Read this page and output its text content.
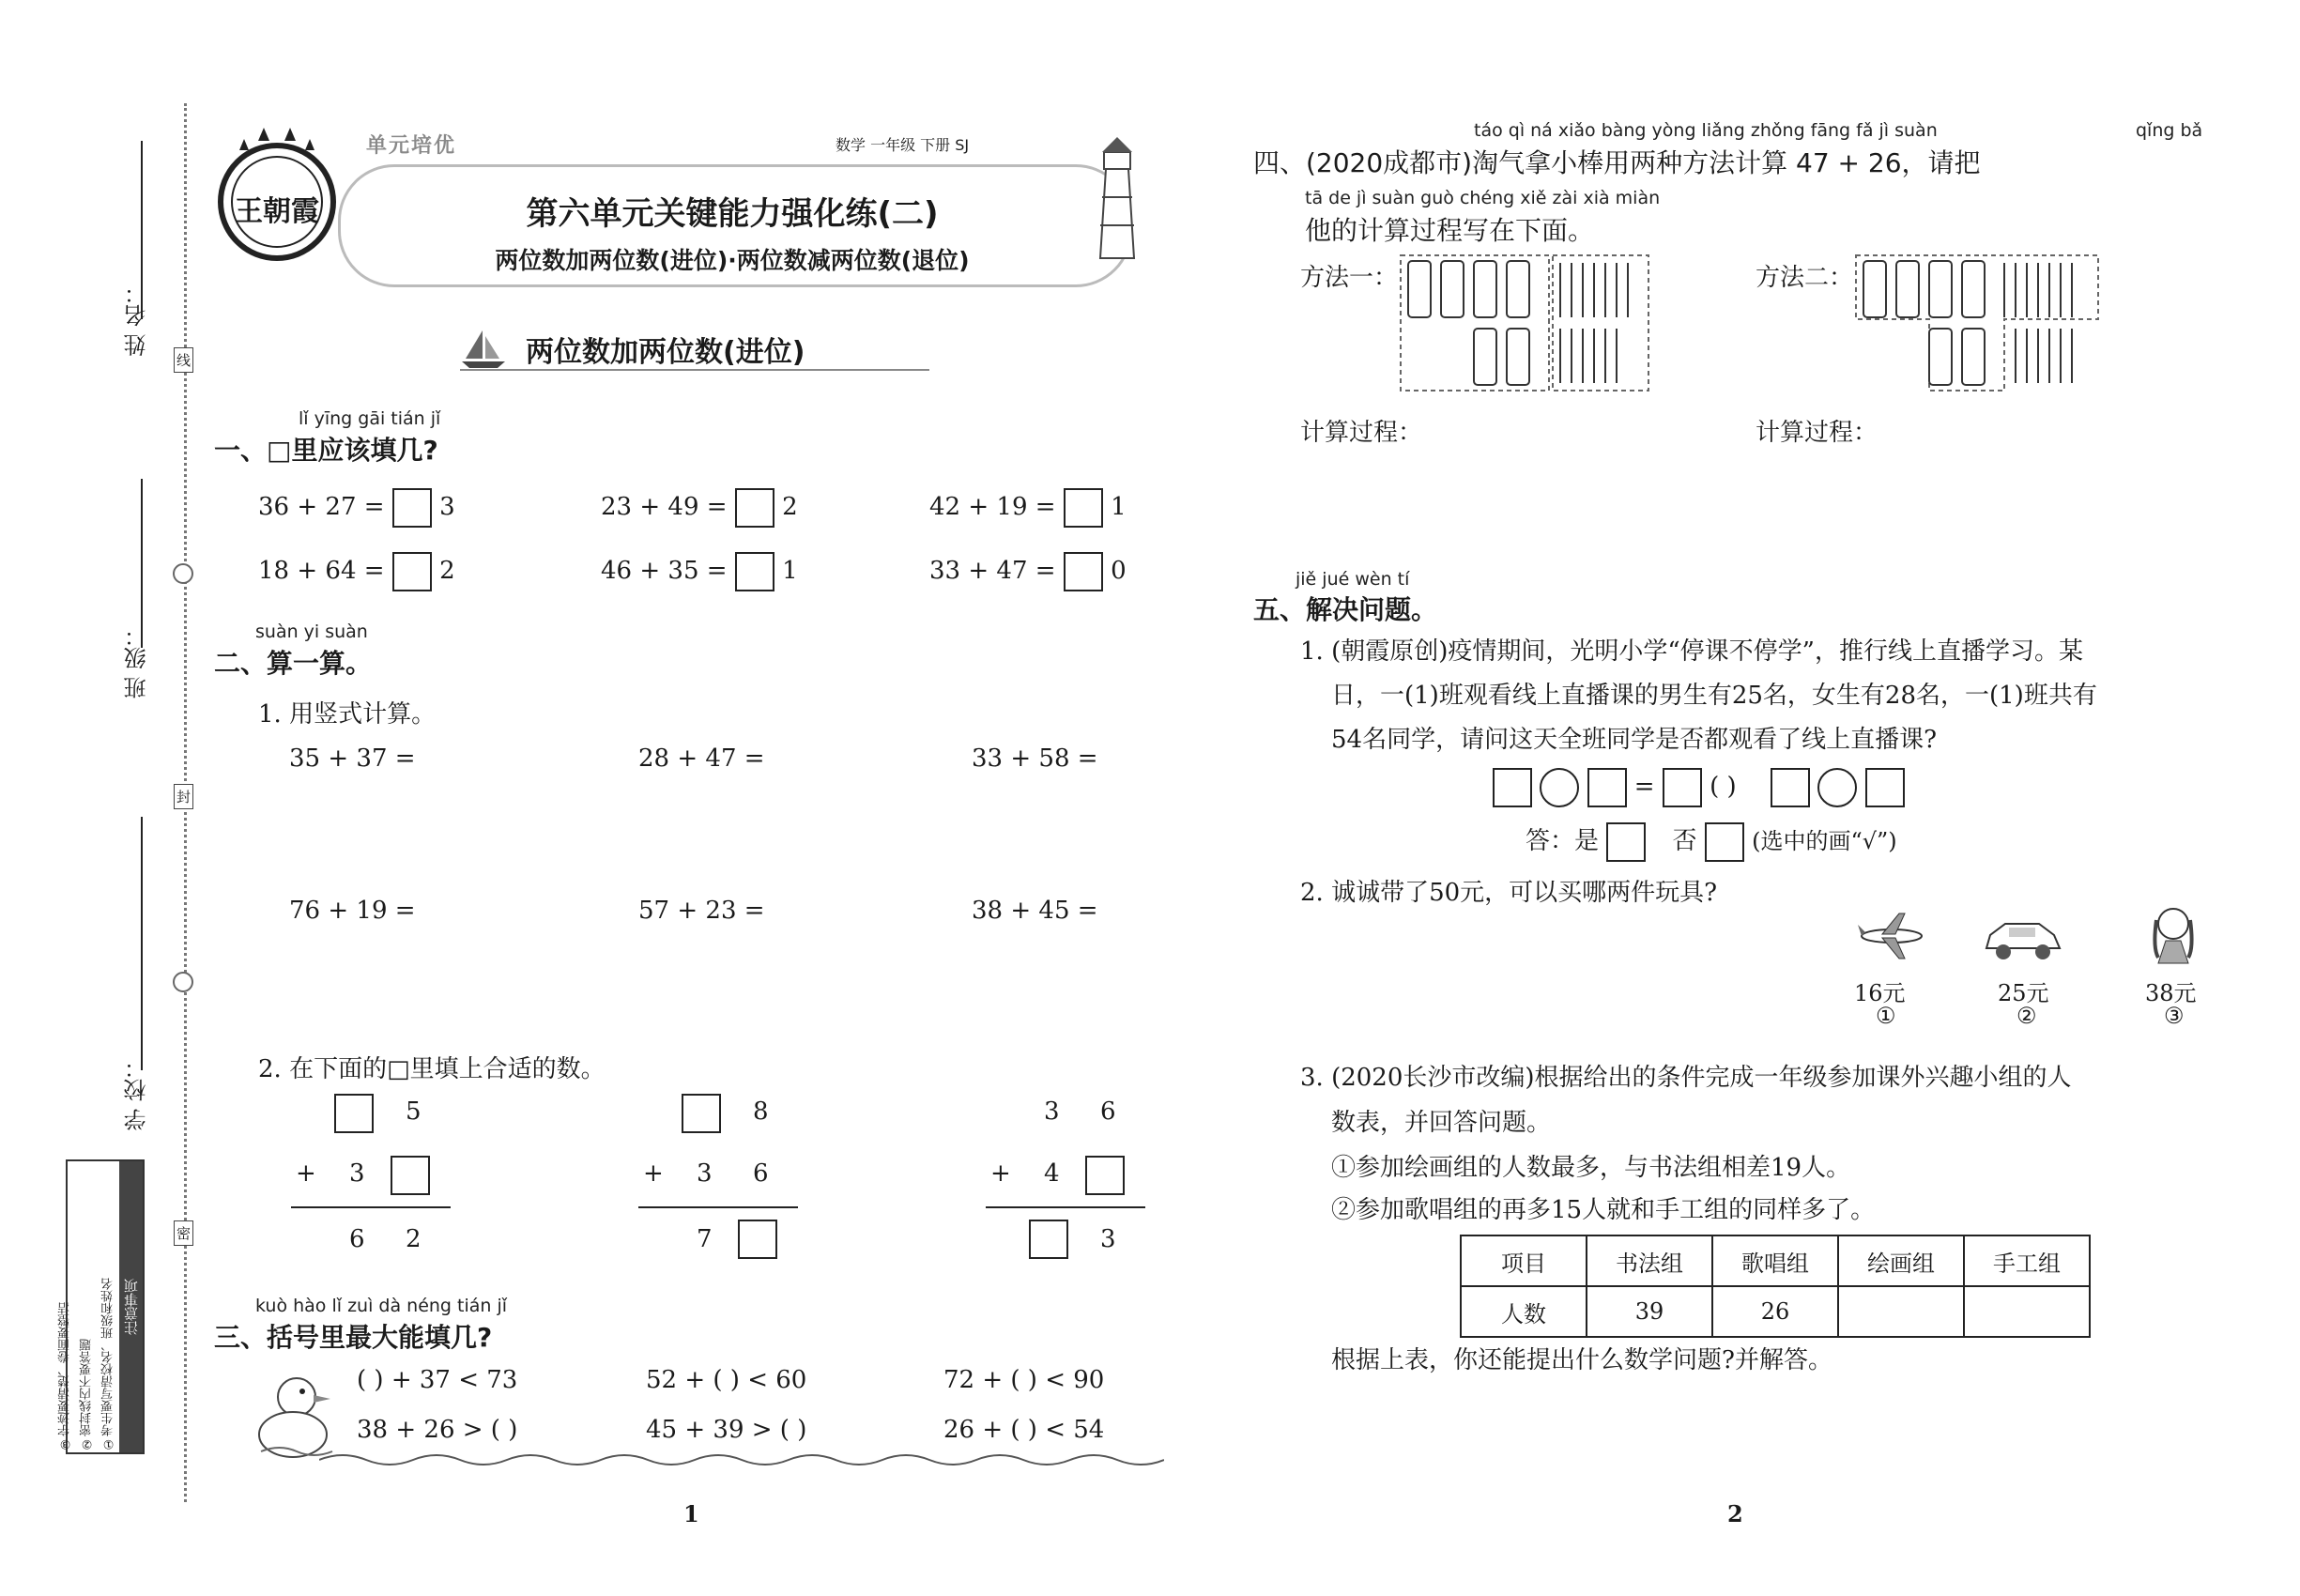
姓 名：
班 级：
学 校：
线
封
密
注意事项
①考生要写清校名、班级和姓名
②密封线内不要答题
③字迹要清楚、卷面要整洁
王朝霞
单元培优	数学 一年级 下册 SJ
第六单元关键能力强化练(二)
两位数加两位数(进位)·两位数减两位数(退位)
两位数加两位数(进位)
lǐ yīng gāi tián jǐ
一、□里应该填几?
36 + 27 = 3	23 + 49 = 2	42 + 19 = 1
18 + 64 = 2	46 + 35 = 1	33 + 47 = 0
suàn yi suàn
二、算一算。
1. 用竖式计算。
35 + 37 =	28 + 47 =	33 + 58 =
76 + 19 =	57 + 23 =	38 + 45 =
2. 在下面的□里填上合适的数。
5
+ 3
6 2
8
+ 3 6
7
3 6
+ 4
3
kuò hào lǐ zuì dà néng tián jǐ
三、括号里最大能填几?
( ) + 37 < 73	52 + ( ) < 60	72 + ( ) < 90
38 + 26 > ( )	45 + 39 > ( )	26 + ( ) < 54
1
táo qì ná xiǎo bàng yòng liǎng zhǒng fāng fǎ jì suàn	qǐng bǎ
四、(2020成都市)淘气拿小棒用两种方法计算 47 + 26，请把
tā de jì suàn guò chéng xiě zài xià miàn
他的计算过程写在下面。
方法一：	方法二：
计算过程：	计算过程：
jiě jué wèn tí
五、解决问题。
1. (朝霞原创)疫情期间，光明小学“停课不停学”，推行线上直播学习。某
日，一(1)班观看线上直播课的男生有25名，女生有28名，一(1)班共有
54名同学，请问这天全班同学是否都观看了线上直播课?
= ( )
答：是	否 (选中的画“√”)
2. 诚诚带了50元，可以买哪两件玩具?
16元
①
25元
②
38元
③
3. (2020长沙市改编)根据给出的条件完成一年级参加课外兴趣小组的人
数表，并回答问题。
①参加绘画组的人数最多，与书法组相差19人。
②参加歌唱组的再多15人就和手工组的同样多了。
项目	书法组	歌唱组	绘画组	手工组
人数	39	26		
根据上表，你还能提出什么数学问题?并解答。
2
